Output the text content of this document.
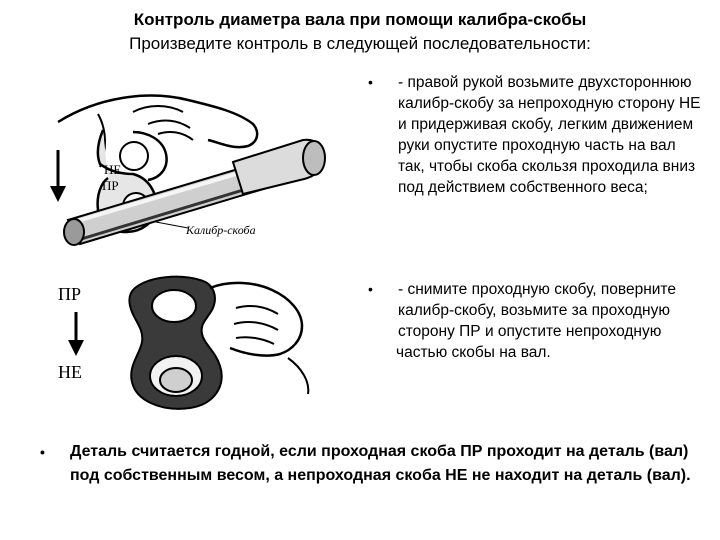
Контроль диаметра вала при помощи калибра-скобы
Произведите контроль в следующей последовательности:
НЕ
ПР
Калибр-скоба
ПР
НЕ
• - правой рукой возьмите двухстороннюю калибр-скобу за непроходную сторону НЕ и придерживая скобу, легким движением руки опустите проходную часть на вал так, чтобы скоба скользя проходила вниз под действием собственного веса;
• - снимите проходную скобу, поверните калибр-скобу, возьмите за проходную сторону ПР и опустите непроходную
частью скобы на вал.
• Деталь считается годной, если проходная скоба ПР проходит на деталь (вал) под собственным весом, а непроходная скоба НЕ не находит на деталь (вал).
